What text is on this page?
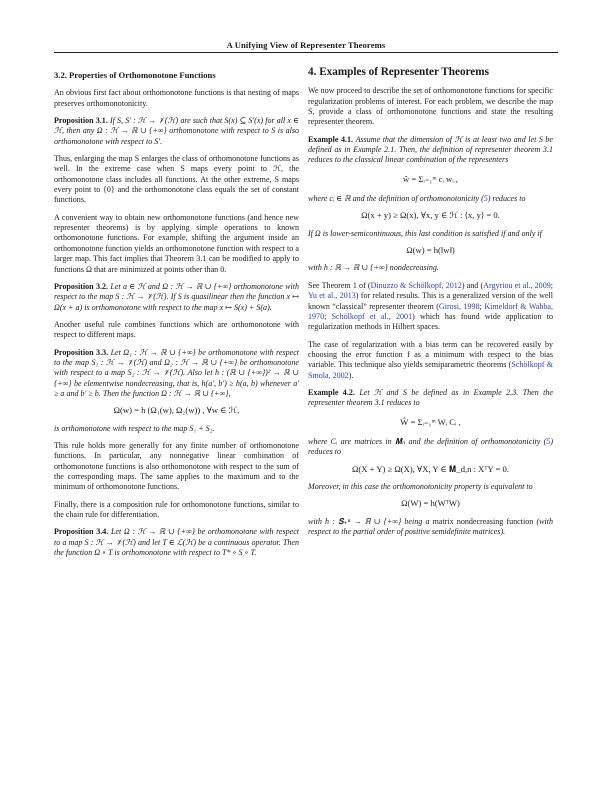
A Unifying View of Representer Theorems
3.2. Properties of Orthomonotone Functions

An obvious first fact about orthomonotone functions is that nesting of maps preserves orthomonotonicity.

Proposition 3.1. If S, S′ : ℋ → 𝒱(ℋ) are such that S(x) ⊆ S′(x) for all x ∈ ℋ, then any Ω : ℋ → ℝ ∪ {+∞} orthomonotone with respect to S is also orthomonotone with respect to S′.

Thus, enlarging the map S enlarges the class of orthomonotone functions as well. In the extreme case when S maps every point to ℋ, the orthomonotone class includes all functions. At the other extreme, S maps every point to {0} and the orthomonotone class equals the set of constant functions.

A convenient way to obtain new orthomonotone functions (and hence new representer theorems) is by applying simple operations to known orthomonotone functions. For example, shifting the argument inside an orthomonotone function yields an orthomonotone function with respect to a larger map. This fact implies that Theorem 3.1 can be modified to apply to functions Ω that are minimized at points other than 0.

Proposition 3.2. Let a ∈ ℋ and Ω : ℋ → ℝ ∪ {+∞} orthomonotone with respect to the map S : ℋ → 𝒱(ℋ). If S is quasilinear then the function x ↦ Ω(x + a) is orthomonotone with respect to the map x ↦ S(x) + S(a).

Another useful rule combines functions which are orthomonotone with respect to different maps.

Proposition 3.3. Let Ω₁ : ℋ → ℝ ∪ {+∞} be orthomonotone with respect to the map S₁ : ℋ → 𝒱(ℋ) and Ω₂ : ℋ → ℝ ∪ {+∞} be orthomonotone with respect to a map S₂ : ℋ → 𝒱(ℋ). Also let h : (ℝ ∪ {+∞})² → ℝ ∪ {+∞} be elementwise nondecreasing, that is, h(a′, b′) ≥ h(a, b) whenever a′ ≥ a and b′ ≥ b. Then the function Ω : ℋ → ℝ ∪ {+∞},
Ω(w) = h (Ω₁(w), Ω₂(w)) , ∀w ∈ ℋ,
is orthomonotone with respect to the map S₁ + S₂.

This rule holds more generally for any finite number of orthomonotone functions. In particular, any nonnegative linear combination of orthomonotone functions is also orthomonotone with respect to the sum of the corresponding maps. The same applies to the maximum and to the minimum of orthomonotone functions.

Finally, there is a composition rule for orthomonotone functions, similar to the chain rule for differentiation.

Proposition 3.4. Let Ω : ℋ → ℝ ∪ {+∞} be orthomonotone with respect to a map S : ℋ → 𝒱(ℋ) and let T ∈ ℒ(ℋ) be a continuous operator. Then the function Ω ∘ T is orthomonotone with respect to T* ∘ S ∘ T.
4. Examples of Representer Theorems

We now proceed to describe the set of orthomonotone functions for specific regularization problems of interest. For each problem, we describe the map S, provide a class of orthomonotone functions and state the resulting representer theorem.

Example 4.1. Assume that the dimension of ℋ is at least two and let S be defined as in Example 2.1. Then, the definition of representer theorem 3.1 reduces to the classical linear combination of the representers
ŵ = Σᵢ₌₁ᵐ cᵢ wᵢ ,
where cᵢ ∈ ℝ and the definition of orthomonotonicity (5) reduces to
Ω(x + y) ≥ Ω(x), ∀x, y ∈ ℋ : ⟨x, y⟩ = 0.
If Ω is lower-semicontinuous, this last condition is satisfied if and only if
Ω(w) = h(‖w‖)
with h : ℝ → ℝ ∪ {+∞} nondecreasing.

See Theorem 1 of (Dinuzzo & Schölkopf, 2012) and (Argyriou et al., 2009; Yu et al., 2013) for related results. This is a generalized version of the well known “classical” representer theorem (Girosi, 1998; Kimeldorf & Wahba, 1970; Schölkopf et al., 2001) which has found wide application to regularization methods in Hilbert spaces.

The case of regularization with a bias term can be recovered easily by choosing the error function f as a minimum with respect to the bias variable. This technique also yields semiparametric theorems (Schölkopf & Smola, 2002).

Example 4.2. Let ℋ and S be defined as in Example 2.3. Then the representer theorem 3.1 reduces to
Ŵ = Σᵢ₌₁ᵐ Wᵢ Cᵢ ,
where Cᵢ are matrices in 𝐌ₙ and the definition of orthomonotonicity (5) reduces to
Ω(X + Y) ≥ Ω(X), ∀X, Y ∈ 𝐌_d,n : XᵀY = 0.
Moreover, in this case the orthomonotonicity property is equivalent to
Ω(W) = h(WᵀW)
with h : 𝐒₊ⁿ → ℝ ∪ {+∞} being a matrix nondecreasing function (with respect to the partial order of positive semidefinite matrices).
